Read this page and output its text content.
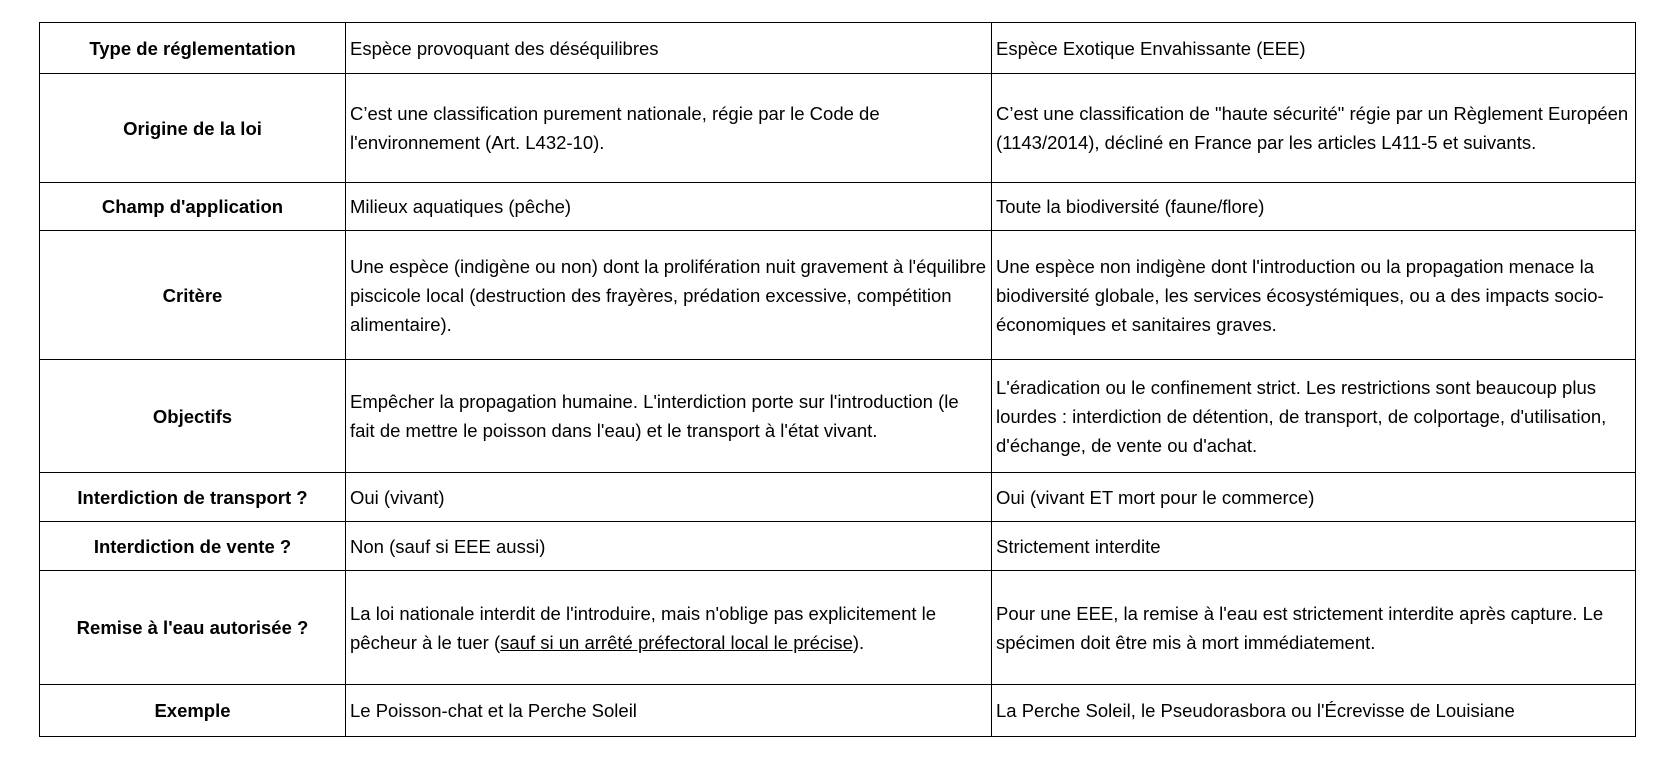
Type de réglementation	Espèce provoquant des déséquilibres	Espèce Exotique Envahissante (EEE)
Origine de la loi	C’est une classification purement nationale, régie par le Code de l'environnement (Art. L432-10).	C’est une classification de "haute sécurité" régie par un Règlement Européen (1143/2014), décliné en France par les articles L411-5 et suivants.
Champ d'application	Milieux aquatiques (pêche)	Toute la biodiversité (faune/flore)
Critère	Une espèce (indigène ou non) dont la prolifération nuit gravement à l'équilibre piscicole local (destruction des frayères, prédation excessive, compétition alimentaire).	Une espèce non indigène dont l'introduction ou la propagation menace la biodiversité globale, les services écosystémiques, ou a des impacts socio-économiques et sanitaires graves.
Objectifs	Empêcher la propagation humaine. L'interdiction porte sur l'introduction (le fait de mettre le poisson dans l'eau) et le transport à l'état vivant.	L'éradication ou le confinement strict. Les restrictions sont beaucoup plus lourdes : interdiction de détention, de transport, de colportage, d'utilisation, d'échange, de vente ou d'achat.
Interdiction de transport ?	Oui (vivant)	Oui (vivant ET mort pour le commerce)
Interdiction de vente ?	Non (sauf si EEE aussi)	Strictement interdite
Remise à l'eau autorisée ?	La loi nationale interdit de l'introduire, mais n'oblige pas explicitement le pêcheur à le tuer (sauf si un arrêté préfectoral local le précise).	Pour une EEE, la remise à l'eau est strictement interdite après capture. Le spécimen doit être mis à mort immédiatement.
Exemple	Le Poisson-chat et la Perche Soleil	La Perche Soleil, le Pseudorasbora ou l'Écrevisse de Louisiane
